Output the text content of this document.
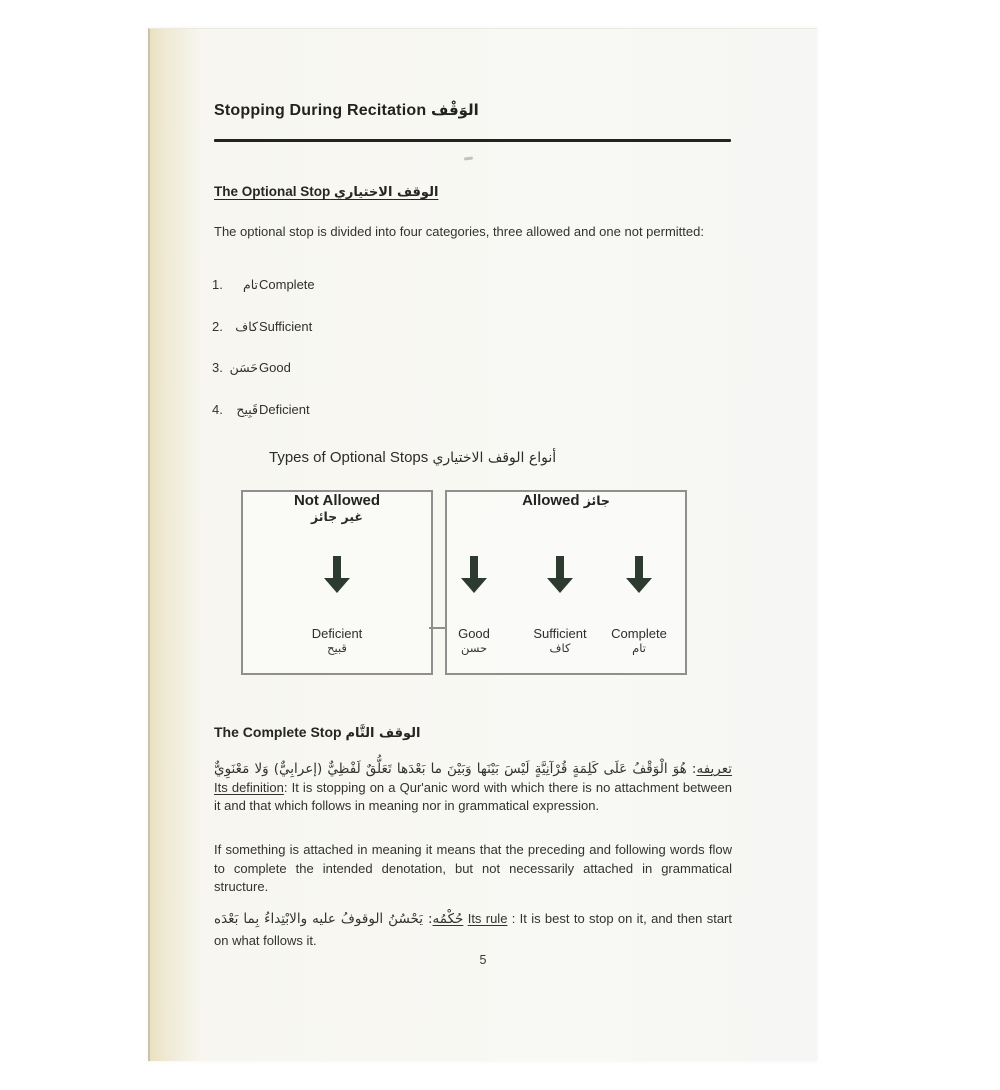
Stopping During Recitation الوَقْف
The Optional Stop الوقف الاختياري

The optional stop is divided into four categories, three allowed and one not permitted:

1.	تام Complete
2. كاف Sufficient
3. حَسَن Good
4.	قَبِيح Deficient
Types of Optional Stops أنواع الوقف الاختياري
Not Allowed
غير جائز
Deficient
قبيح
Allowed جائز
Good
حسن
Sufficient
كاف
Complete
تام
The Complete Stop الوقف التَّام

تعريفه: هُوَ الْوَقْفُ عَلَى كَلِمَةٍ قُرْآنِيَّةٍ لَيْسَ بَيْنَها وَبَيْنَ ما بَعْدَها تَعَلُّقٌ لَفْظِيٌّ (إعرابِيٌّ) وَلا مَعْنَوِيٌّ Its definition: It is stopping on a Qur'anic word with which there is no attachment between it and that which follows in meaning nor in grammatical expression.

If something is attached in meaning it means that the preceding and following words flow to complete the intended denotation, but not necessarily attached in grammatical structure.

حُكْمُه: يَحْسُنُ الوقوفُ عليه والابْتِداءُ بِما بَعْدَه	Its rule : It is best to stop on it, and then start on what follows it.

5
